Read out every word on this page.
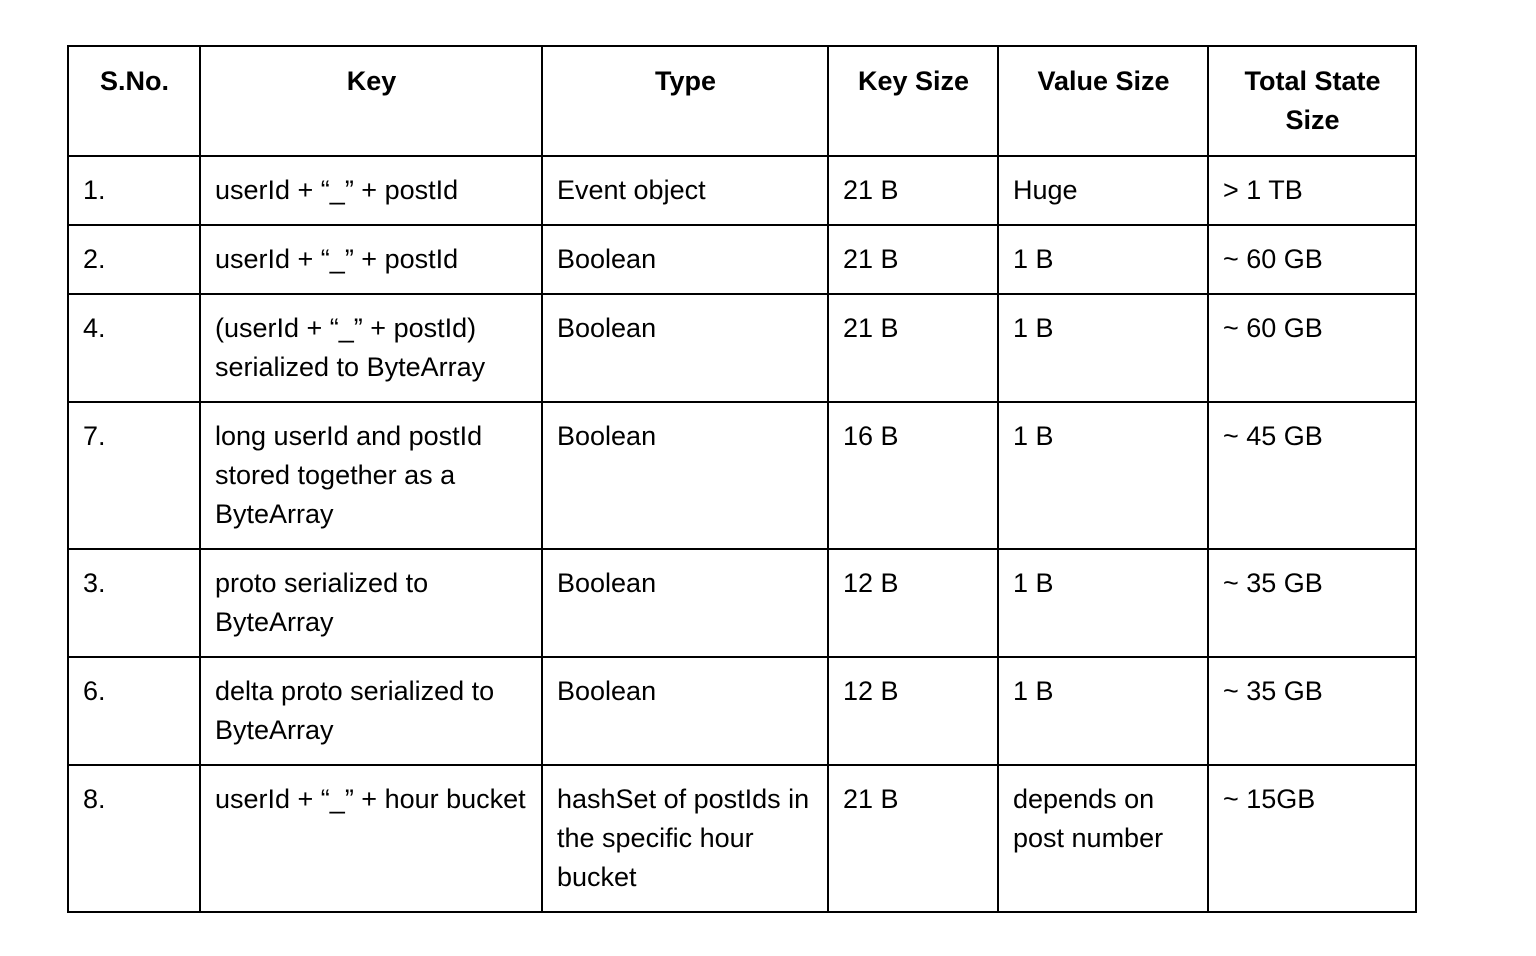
S.No.	Key	Type	Key Size	Value Size	Total State Size
1.	userId + “_” + postId	Event object	21 B	Huge	> 1 TB
2.	userId + “_” + postId	Boolean	21 B	1 B	~ 60 GB
4.	(userId + “_” + postId) serialized to ByteArray	Boolean	21 B	1 B	~ 60 GB
7.	long userId and postId stored together as a ByteArray	Boolean	16 B	1 B	~ 45 GB
3.	proto serialized to ByteArray	Boolean	12 B	1 B	~ 35 GB
6.	delta proto serialized to ByteArray	Boolean	12 B	1 B	~ 35 GB
8.	userId + “_” + hour bucket	hashSet of postIds in the specific hour bucket	21 B	depends on post number	~ 15GB
